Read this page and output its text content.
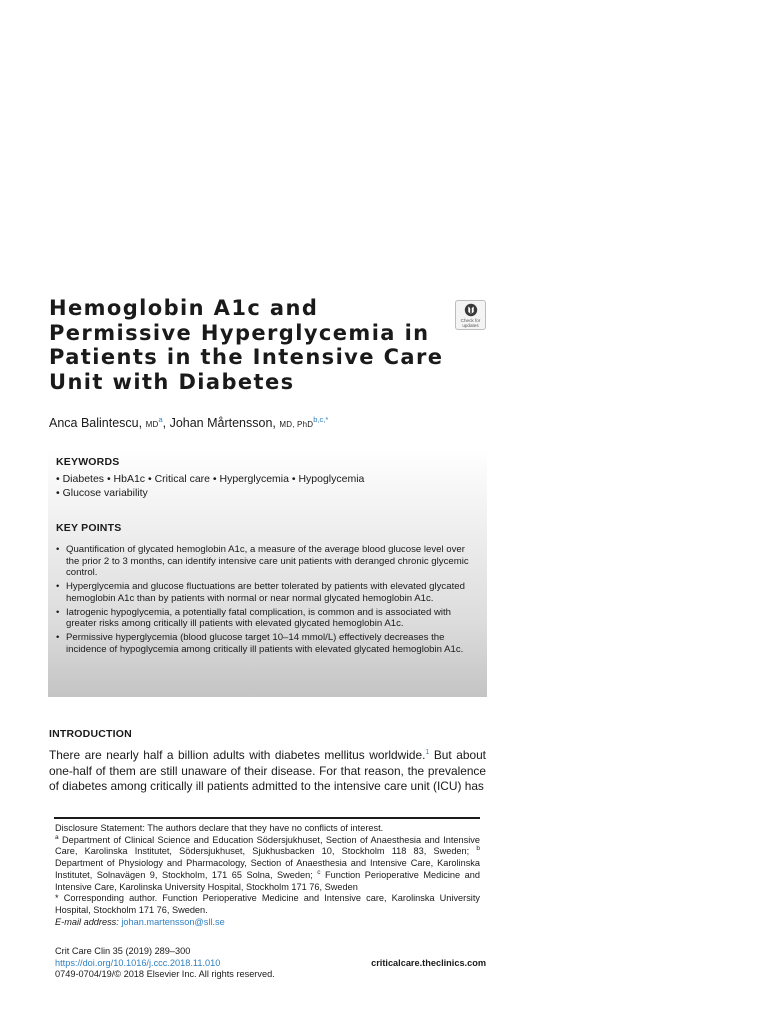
Hemoglobin A1c and
Permissive Hyperglycemia in
Patients in the Intensive Care
Unit with Diabetes
Check for
updates

Anca Balintescu, $MD^a$, Johan Mårtensson, MD, PhD$^{b,c,*}$

KEYWORDS
• Diabetes • HbA1c • Critical care • Hyperglycemia • Hypoglycemia
• Glucose variability
KEY POINTS
• Quantification of glycated hemoglobin A1c, a measure of the average blood glucose level over the prior 2 to 3 months, can identify intensive care unit patients with deranged chronic glycemic control.
• Hyperglycemia and glucose fluctuations are better tolerated by patients with elevated glycated hemoglobin A1c than by patients with normal or near normal glycated hemoglobin A1c.
• Iatrogenic hypoglycemia, a potentially fatal complication, is common and is associated with greater risks among critically ill patients with elevated glycated hemoglobin A1c.
• Permissive hyperglycemia (blood glucose target 10–14 mmol/L) effectively decreases the incidence of hypoglycemia among critically ill patients with elevated glycated hemoglobin A1c.
INTRODUCTION

There are nearly half a billion adults with diabetes mellitus worldwide.$^1$ But about one-half of them are still unaware of their disease. For that reason, the prevalence of diabetes among critically ill patients admitted to the intensive care unit (ICU) has

Disclosure Statement: The authors declare that they have no conflicts of interest.

$^a$ Department of Clinical Science and Education Södersjukhuset, Section of Anaesthesia and Intensive Care, Karolinska Institutet, Södersjukhuset, Sjukhusbacken 10, Stockholm 118 83, Sweden; $^b$ Department of Physiology and Pharmacology, Section of Anaesthesia and Intensive Care, Karolinska Institutet, Solnavägen 9, Stockholm, 171 65 Solna, Sweden; $^c$ Function Perioperative Medicine and Intensive Care, Karolinska University Hospital, Stockholm 171 76, Sweden

* Corresponding author. Function Perioperative Medicine and Intensive care, Karolinska University Hospital, Stockholm 171 76, Sweden.

E-mail address: johan.martensson@sll.se

Crit Care Clin 35 (2019) 289–300
https://doi.org/10.1016/j.ccc.2018.11.010
0749-0704/19/© 2018 Elsevier Inc. All rights reserved.
criticalcare.theclinics.com
